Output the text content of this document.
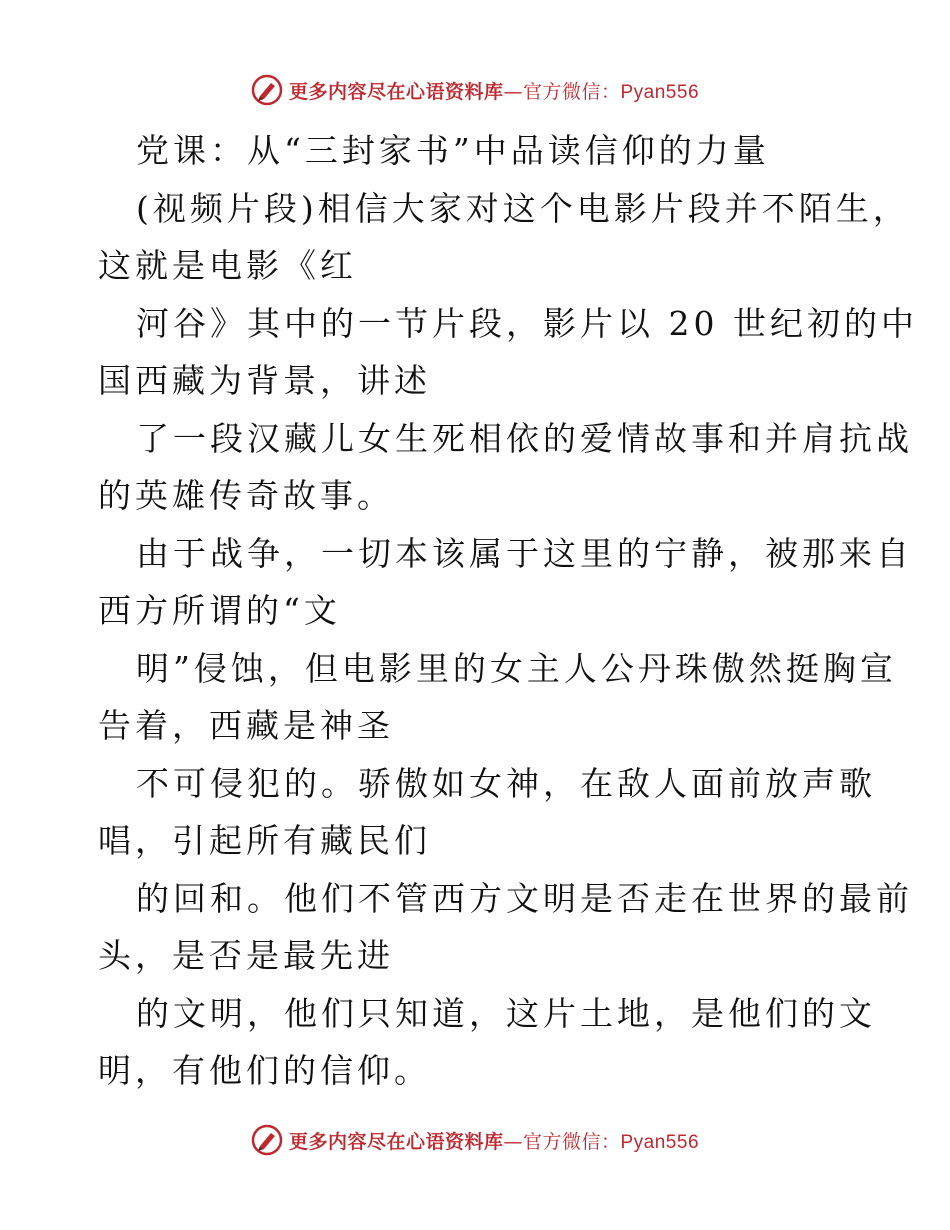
更多内容尽在心语资料库—官方微信：Pyan556
党课：从“三封家书”中品读信仰的力量
(视频片段)相信大家对这个电影片段并不陌生，
这就是电影《红
河谷》其中的一节片段，影片以 20 世纪初的中
国西藏为背景，讲述
了一段汉藏儿女生死相依的爱情故事和并肩抗战
的英雄传奇故事。
由于战争，一切本该属于这里的宁静，被那来自
西方所谓的“文
明”侵蚀，但电影里的女主人公丹珠傲然挺胸宣
告着，西藏是神圣
不可侵犯的。骄傲如女神，在敌人面前放声歌
唱，引起所有藏民们
的回和。他们不管西方文明是否走在世界的最前
头，是否是最先进
的文明，他们只知道，这片土地，是他们的文
明，有他们的信仰。
更多内容尽在心语资料库—官方微信：Pyan556
